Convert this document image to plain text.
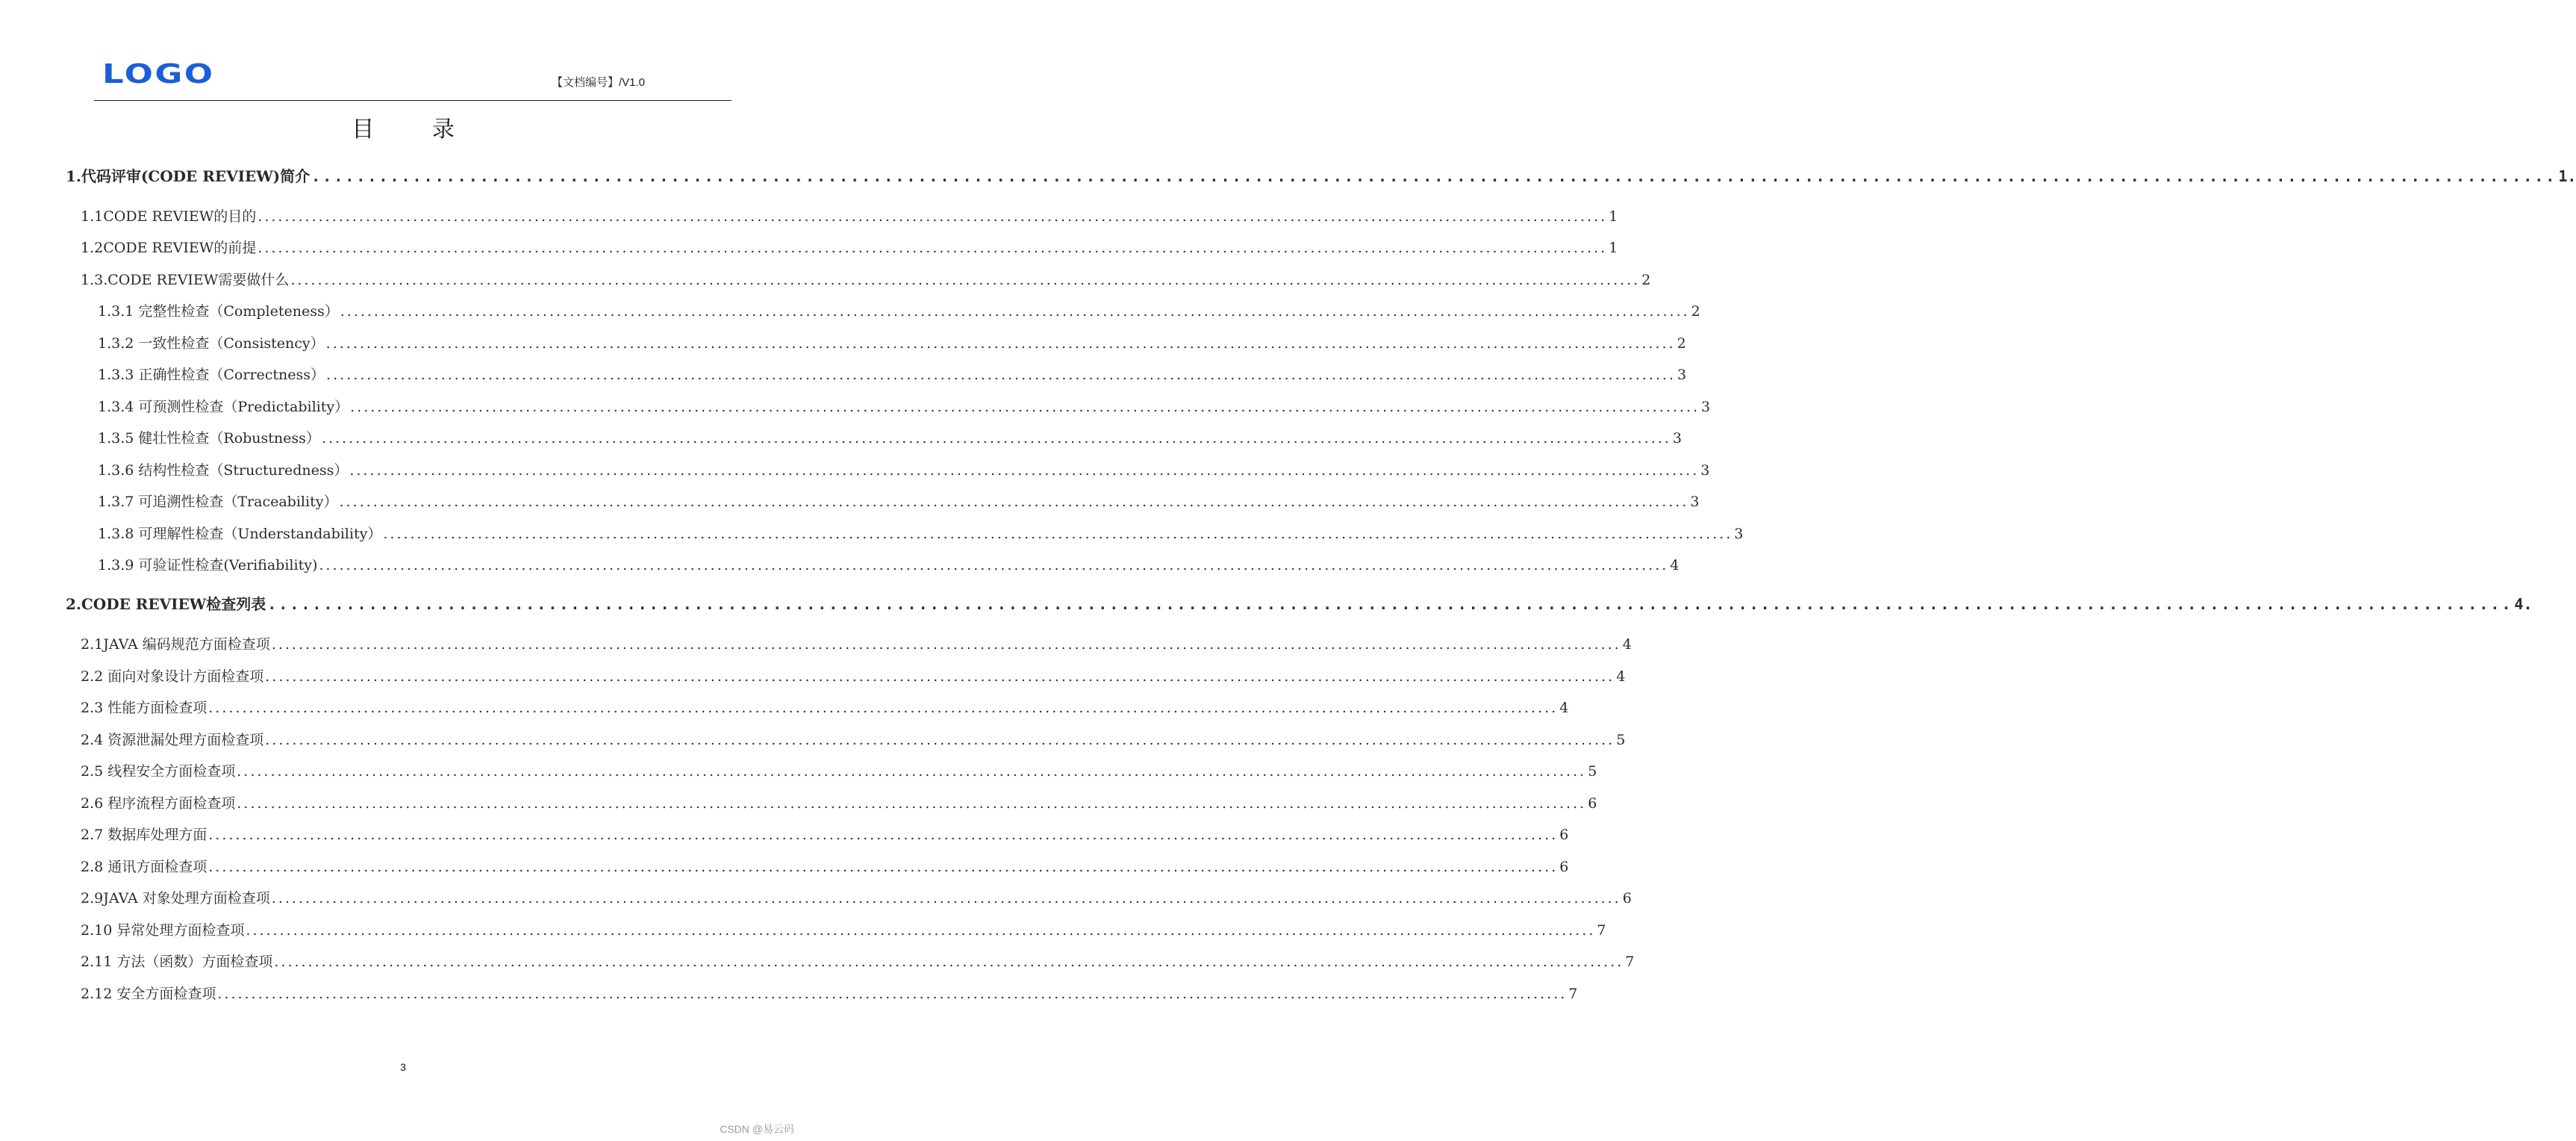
LOGO	【文档编号】/V1.0
目 录
1.代码评审(CODE REVIEW)简介 ........................................................................................................................................................................................................ 1.
1.1CODE REVIEW的目的 ........................................................................................................................................................................................................ 1
1.2CODE REVIEW的前提 ........................................................................................................................................................................................................ 1
1.3.CODE REVIEW需要做什么 ........................................................................................................................................................................................................ 2
1.3.1 完整性检查（Completeness） ........................................................................................................................................................................................................ 2
1.3.2 一致性检查（Consistency） ........................................................................................................................................................................................................ 2
1.3.3 正确性检查（Correctness） ........................................................................................................................................................................................................ 3
1.3.4 可预测性检查（Predictability） ........................................................................................................................................................................................................ 3
1.3.5 健壮性检查（Robustness） ........................................................................................................................................................................................................ 3
1.3.6 结构性检查（Structuredness） ........................................................................................................................................................................................................ 3
1.3.7 可追溯性检查（Traceability） ........................................................................................................................................................................................................ 3
1.3.8 可理解性检查（Understandability） ........................................................................................................................................................................................................ 3
1.3.9 可验证性检查(Verifiability) ........................................................................................................................................................................................................ 4
2.CODE REVIEW检查列表 ........................................................................................................................................................................................................ 4.
2.1JAVA 编码规范方面检查项 ........................................................................................................................................................................................................ 4
2.2 面向对象设计方面检查项 ........................................................................................................................................................................................................ 4
2.3 性能方面检查项 ........................................................................................................................................................................................................ 4
2.4 资源泄漏处理方面检查项 ........................................................................................................................................................................................................ 5
2.5 线程安全方面检查项 ........................................................................................................................................................................................................ 5
2.6 程序流程方面检查项 ........................................................................................................................................................................................................ 6
2.7 数据库处理方面 ........................................................................................................................................................................................................ 6
2.8 通讯方面检查项 ........................................................................................................................................................................................................ 6
2.9JAVA 对象处理方面检查项 ........................................................................................................................................................................................................ 6
2.10 异常处理方面检查项 ........................................................................................................................................................................................................ 7
2.11 方法（函数）方面检查项 ........................................................................................................................................................................................................ 7
2.12 安全方面检查项 ........................................................................................................................................................................................................ 7
3
CSDN @易云码
